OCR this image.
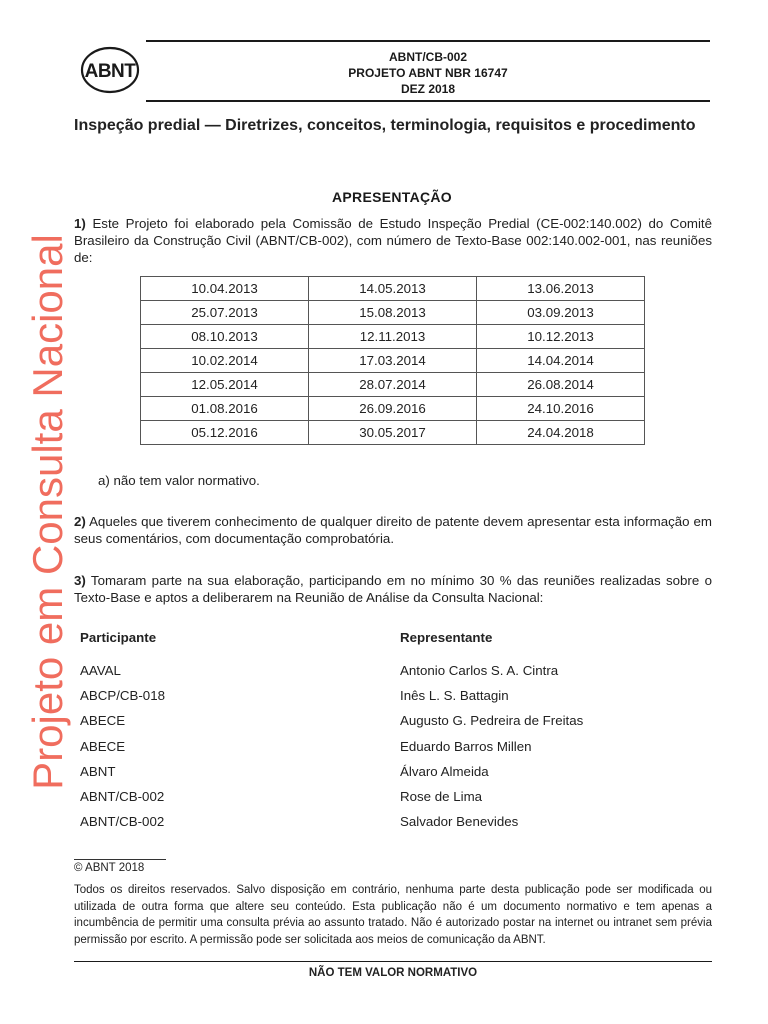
ABNT
ABNT/CB-002
PROJETO ABNT NBR 16747
DEZ 2018
Inspeção predial — Diretrizes, conceitos, terminologia, requisitos e procedimento
APRESENTAÇÃO
1) Este Projeto foi elaborado pela Comissão de Estudo Inspeção Predial (CE-002:140.002) do Comitê Brasileiro da Construção Civil (ABNT/CB-002), com número de Texto-Base 002:140.002-001, nas reuniões de:
10.04.2013	14.05.2013	13.06.2013
25.07.2013	15.08.2013	03.09.2013
08.10.2013	12.11.2013	10.12.2013
10.02.2014	17.03.2014	14.04.2014
12.05.2014	28.07.2014	26.08.2014
01.08.2016	26.09.2016	24.10.2016
05.12.2016	30.05.2017	24.04.2018
a) não tem valor normativo.
2) Aqueles que tiverem conhecimento de qualquer direito de patente devem apresentar esta informação em seus comentários, com documentação comprobatória.
3) Tomaram parte na sua elaboração, participando em no mínimo 30 % das reuniões realizadas sobre o Texto-Base e aptos a deliberarem na Reunião de Análise da Consulta Nacional:
Participante	Representante
AAVAL	Antonio Carlos S. A. Cintra
ABCP/CB-018	Inês L. S. Battagin
ABECE	Augusto G. Pedreira de Freitas
ABECE	Eduardo Barros Millen
ABNT	Álvaro Almeida
ABNT/CB-002	Rose de Lima
ABNT/CB-002	Salvador Benevides
© ABNT 2018
Todos os direitos reservados. Salvo disposição em contrário, nenhuma parte desta publicação pode ser modificada ou utilizada de outra forma que altere seu conteúdo. Esta publicação não é um documento normativo e tem apenas a incumbência de permitir uma consulta prévia ao assunto tratado. Não é autorizado postar na internet ou intranet sem prévia permissão por escrito. A permissão pode ser solicitada aos meios de comunicação da ABNT.
NÃO TEM VALOR NORMATIVO
Projeto em Consulta Nacional
